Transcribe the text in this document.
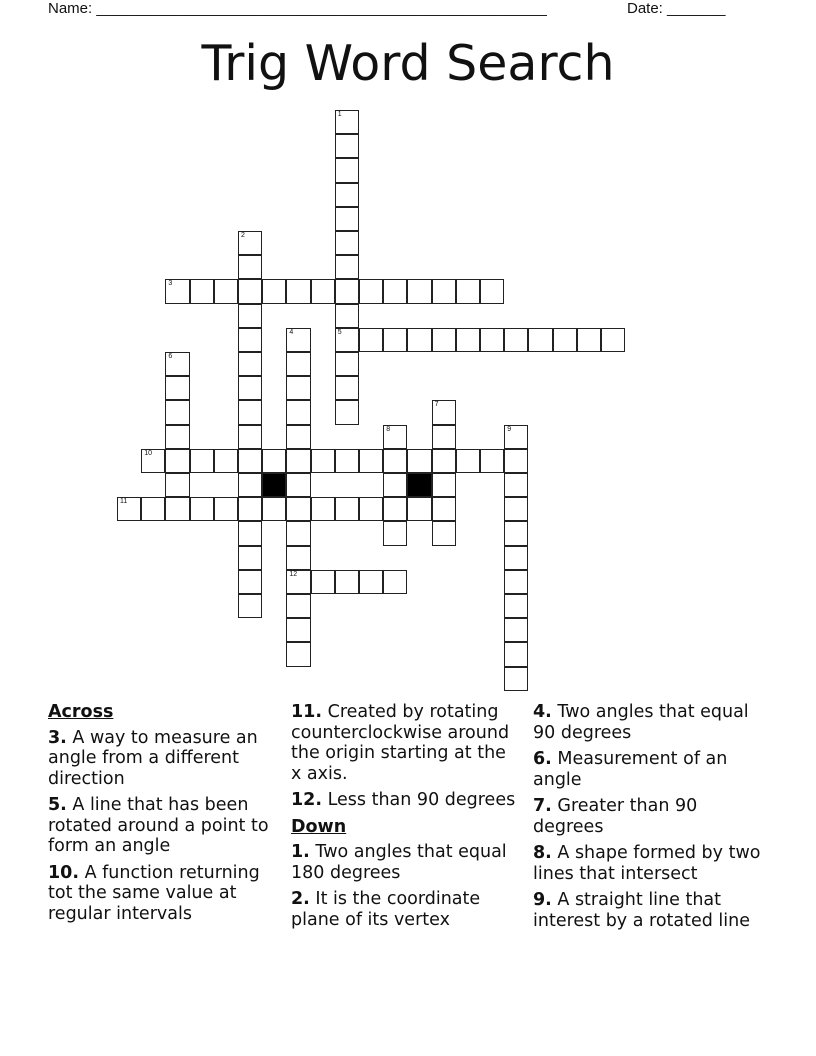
Name: ______________________________________________________	Date: _______
Trig Word Search
1
5
2
3
4
12
6
7
8	9
10
11
Across
3. A way to measure an angle from a different direction
5. A line that has been rotated around a point to form an angle
10. A function returning tot the same value at regular intervals
11. Created by rotating counterclockwise around the origin starting at the x axis.
12. Less than 90 degrees
Down
1. Two angles that equal 180 degrees
2. It is the coordinate plane of its vertex
4. Two angles that equal 90 degrees
6. Measurement of an angle
7. Greater than 90 degrees
8. A shape formed by two lines that intersect
9. A straight line that interest by a rotated line
